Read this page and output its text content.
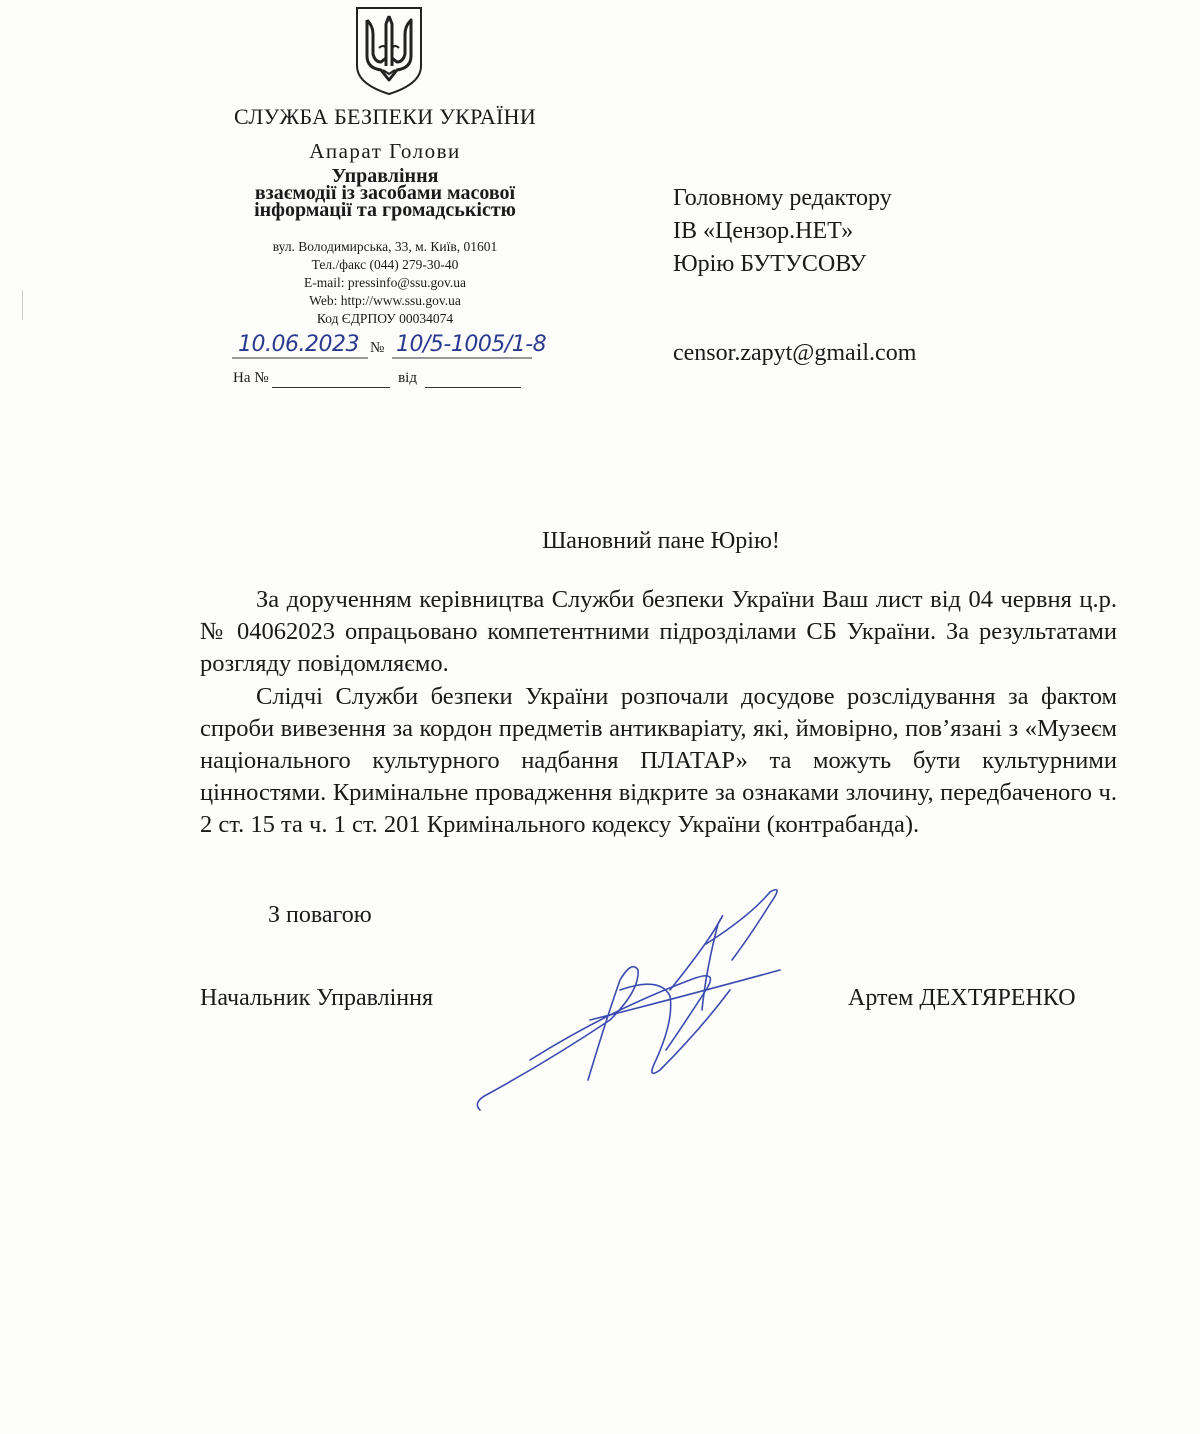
СЛУЖБА БЕЗПЕКИ УКРАЇНИ
Апарат Голови
Управління
взаємодії із засобами масової
інформації та громадськістю
вул. Володимирська, 33, м. Київ, 01601
Тел./факс (044) 279-30-40
E-mail: pressinfo@ssu.gov.ua
Web: http://www.ssu.gov.ua
Код ЄДРПОУ 00034074
10.06.2023 № 10/5-1005/1-8
На №	від
Головному редактору
ІВ «Цензор.НЕТ»
Юрію БУТУСОВУ
censor.zapyt@gmail.com
Шановний пане Юрію!

За дорученням керівництва Служби безпеки України Ваш лист від 04 червня ц.р. № 04062023 опрацьовано компетентними підрозділами СБ України. За результатами розгляду повідомляємо.

Слідчі Служби безпеки України розпочали досудове розслідування за фактом спроби вивезення за кордон предметів антикваріату, які, ймовірно, пов’язані з «Музеєм національного культурного надбання ПЛАТАР» та можуть бути культурними цінностями. Кримінальне провадження відкрите за ознаками злочину, передбаченого ч. 2 ст. 15 та ч. 1 ст. 201 Кримінального кодексу України (контрабанда).

З повагою
Начальник Управління	Артем ДЕХТЯРЕНКО
